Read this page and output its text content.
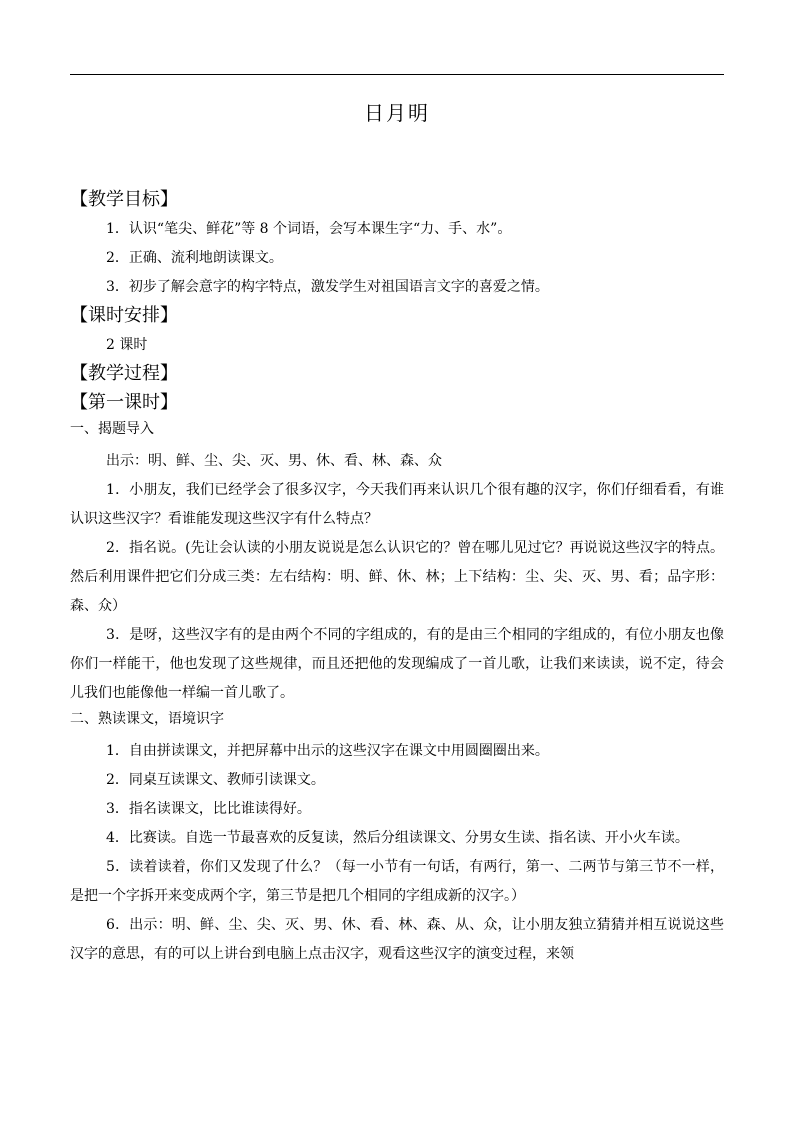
日月明
【教学目标】
1．认识“笔尖、鲜花”等 8 个词语，会写本课生字“力、手、水”。
2．正确、流利地朗读课文。
3．初步了解会意字的构字特点，激发学生对祖国语言文字的喜爱之情。
【课时安排】
2 课时
【教学过程】
【第一课时】
一、揭题导入
出示：明、鲜、尘、尖、灭、男、休、看、林、森、众
1．小朋友，我们已经学会了很多汉字，今天我们再来认识几个很有趣的汉字，你们仔细看看，有谁认识这些汉字？看谁能发现这些汉字有什么特点？
2．指名说。(先让会认读的小朋友说说是怎么认识它的？曾在哪儿见过它？再说说这些汉字的特点。然后利用课件把它们分成三类：左右结构：明、鲜、休、林；上下结构：尘、尖、灭、男、看；品字形：森、众）
3．是呀，这些汉字有的是由两个不同的字组成的，有的是由三个相同的字组成的，有位小朋友也像你们一样能干，他也发现了这些规律，而且还把他的发现编成了一首儿歌，让我们来读读，说不定，待会儿我们也能像他一样编一首儿歌了。
二、熟读课文，语境识字
1．自由拼读课文，并把屏幕中出示的这些汉字在课文中用圆圈圈出来。
2．同桌互读课文、教师引读课文。
3．指名读课文，比比谁读得好。
4．比赛读。自选一节最喜欢的反复读，然后分组读课文、分男女生读、指名读、开小火车读。
5．读着读着，你们又发现了什么？（每一小节有一句话，有两行，第一、二两节与第三节不一样，是把一个字拆开来变成两个字，第三节是把几个相同的字组成新的汉字。）
6．出示：明、鲜、尘、尖、灭、男、休、看、林、森、从、众，让小朋友独立猜猜并相互说说这些汉字的意思，有的可以上讲台到电脑上点击汉字，观看这些汉字的演变过程，来领
